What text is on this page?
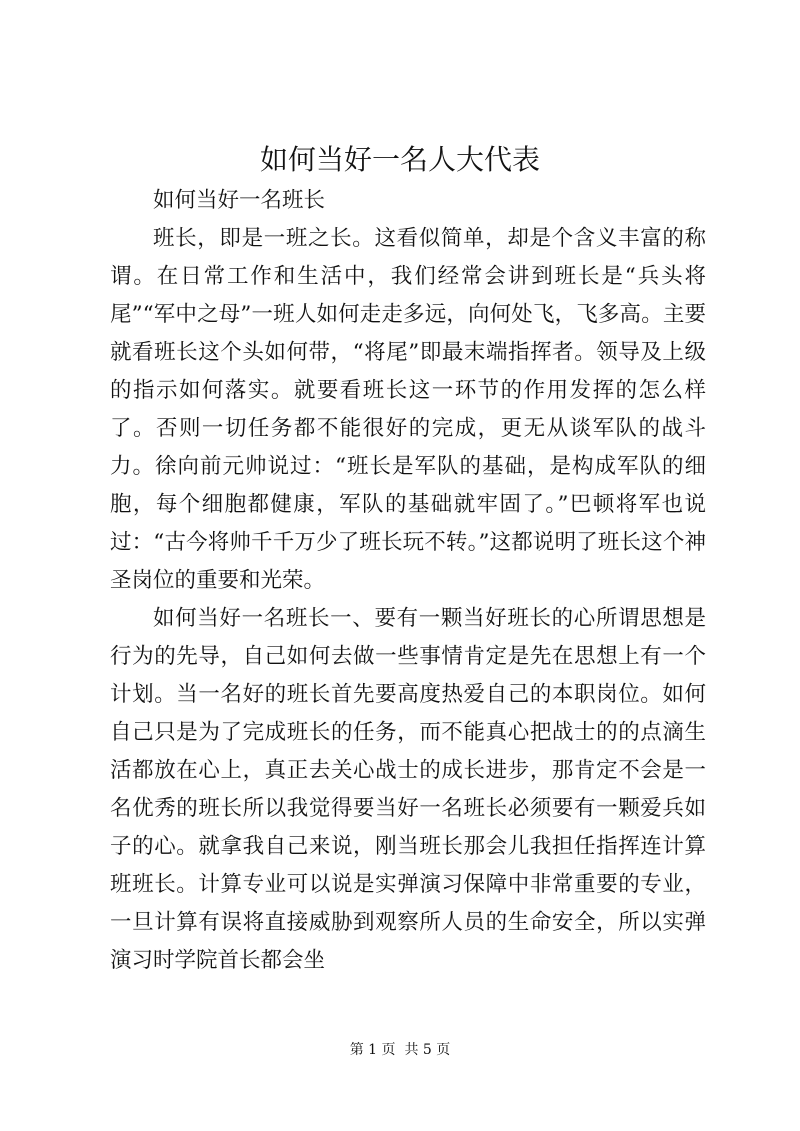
如何当好一名人大代表

如何当好一名班长

班长，即是一班之长。这看似简单，却是个含义丰富的称谓。在日常工作和生活中，我们经常会讲到班长是“兵头将尾”“军中之母”一班人如何走走多远，向何处飞，飞多高。主要就看班长这个头如何带，“将尾”即最末端指挥者。领导及上级的指示如何落实。就要看班长这一环节的作用发挥的怎么样了。否则一切任务都不能很好的完成，更无从谈军队的战斗力。徐向前元帅说过：“班长是军队的基础，是构成军队的细胞，每个细胞都健康，军队的基础就牢固了。”巴顿将军也说过：“古今将帅千千万少了班长玩不转。”这都说明了班长这个神圣岗位的重要和光荣。

如何当好一名班长一、要有一颗当好班长的心所谓思想是行为的先导，自己如何去做一些事情肯定是先在思想上有一个计划。当一名好的班长首先要高度热爱自己的本职岗位。如何自己只是为了完成班长的任务，而不能真心把战士的的点滴生活都放在心上，真正去关心战士的成长进步，那肯定不会是一名优秀的班长所以我觉得要当好一名班长必须要有一颗爱兵如子的心。就拿我自己来说，刚当班长那会儿我担任指挥连计算班班长。计算专业可以说是实弹演习保障中非常重要的专业，一旦计算有误将直接威胁到观察所人员的生命安全，所以实弹演习时学院首长都会坐

第 1 页  共 5 页
